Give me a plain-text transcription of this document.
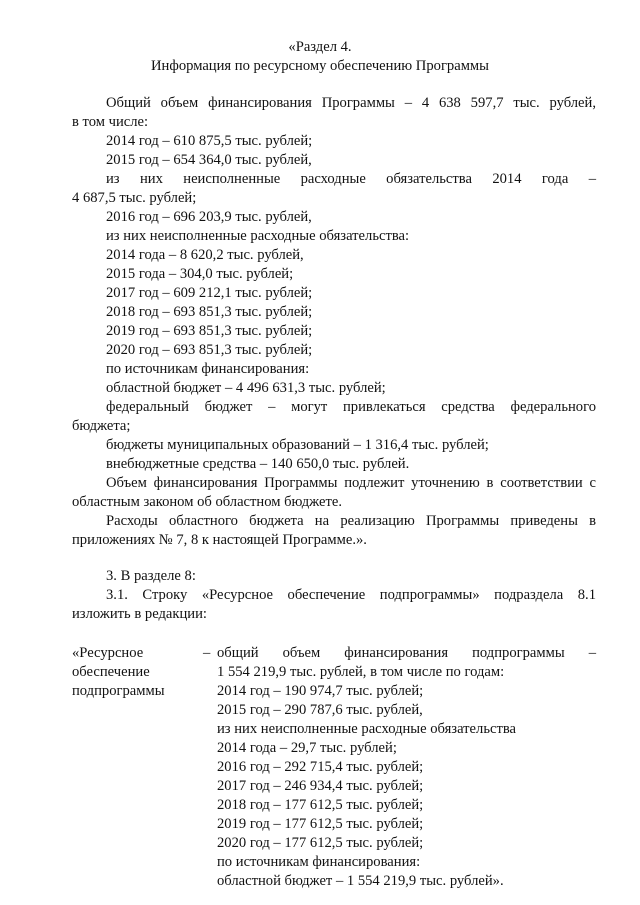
«Раздел 4.
Информация по ресурсному обеспечению Программы
Общий объем финансирования Программы – 4 638 597,7 тыс. рублей,
в том числе:
2014 год – 610 875,5 тыс. рублей;
2015 год – 654 364,0 тыс. рублей,
из них неисполненные расходные обязательства 2014 года –
4 687,5 тыс. рублей;
2016 год – 696 203,9 тыс. рублей,
из них неисполненные расходные обязательства:
2014 года – 8 620,2 тыс. рублей,
2015 года – 304,0 тыс. рублей;
2017 год – 609 212,1 тыс. рублей;
2018 год – 693 851,3 тыс. рублей;
2019 год – 693 851,3 тыс. рублей;
2020 год – 693 851,3 тыс. рублей;
по источникам финансирования:
областной бюджет – 4 496 631,3 тыс. рублей;
федеральный бюджет – могут привлекаться средства федерального
бюджета;
бюджеты муниципальных образований – 1 316,4 тыс. рублей;
внебюджетные средства – 140 650,0 тыс. рублей.
Объем финансирования Программы подлежит уточнению в соответствии с
областным законом об областном бюджете.
Расходы областного бюджета на реализацию Программы приведены в
приложениях № 7, 8 к настоящей Программе.».
3. В разделе 8:
3.1. Строку «Ресурсное обеспечение подпрограммы» подраздела 8.1
изложить в редакции:
«Ресурсное
обеспечение
подпрограммы
– общий объем финансирования подпрограммы –
1 554 219,9 тыс. рублей, в том числе по годам:
2014 год – 190 974,7 тыс. рублей;
2015 год – 290 787,6 тыс. рублей,
из них неисполненные расходные обязательства
2014 года – 29,7 тыс. рублей;
2016 год – 292 715,4 тыс. рублей;
2017 год – 246 934,4 тыс. рублей;
2018 год – 177 612,5 тыс. рублей;
2019 год – 177 612,5 тыс. рублей;
2020 год – 177 612,5 тыс. рублей;
по источникам финансирования:
областной бюджет – 1 554 219,9 тыс. рублей».
